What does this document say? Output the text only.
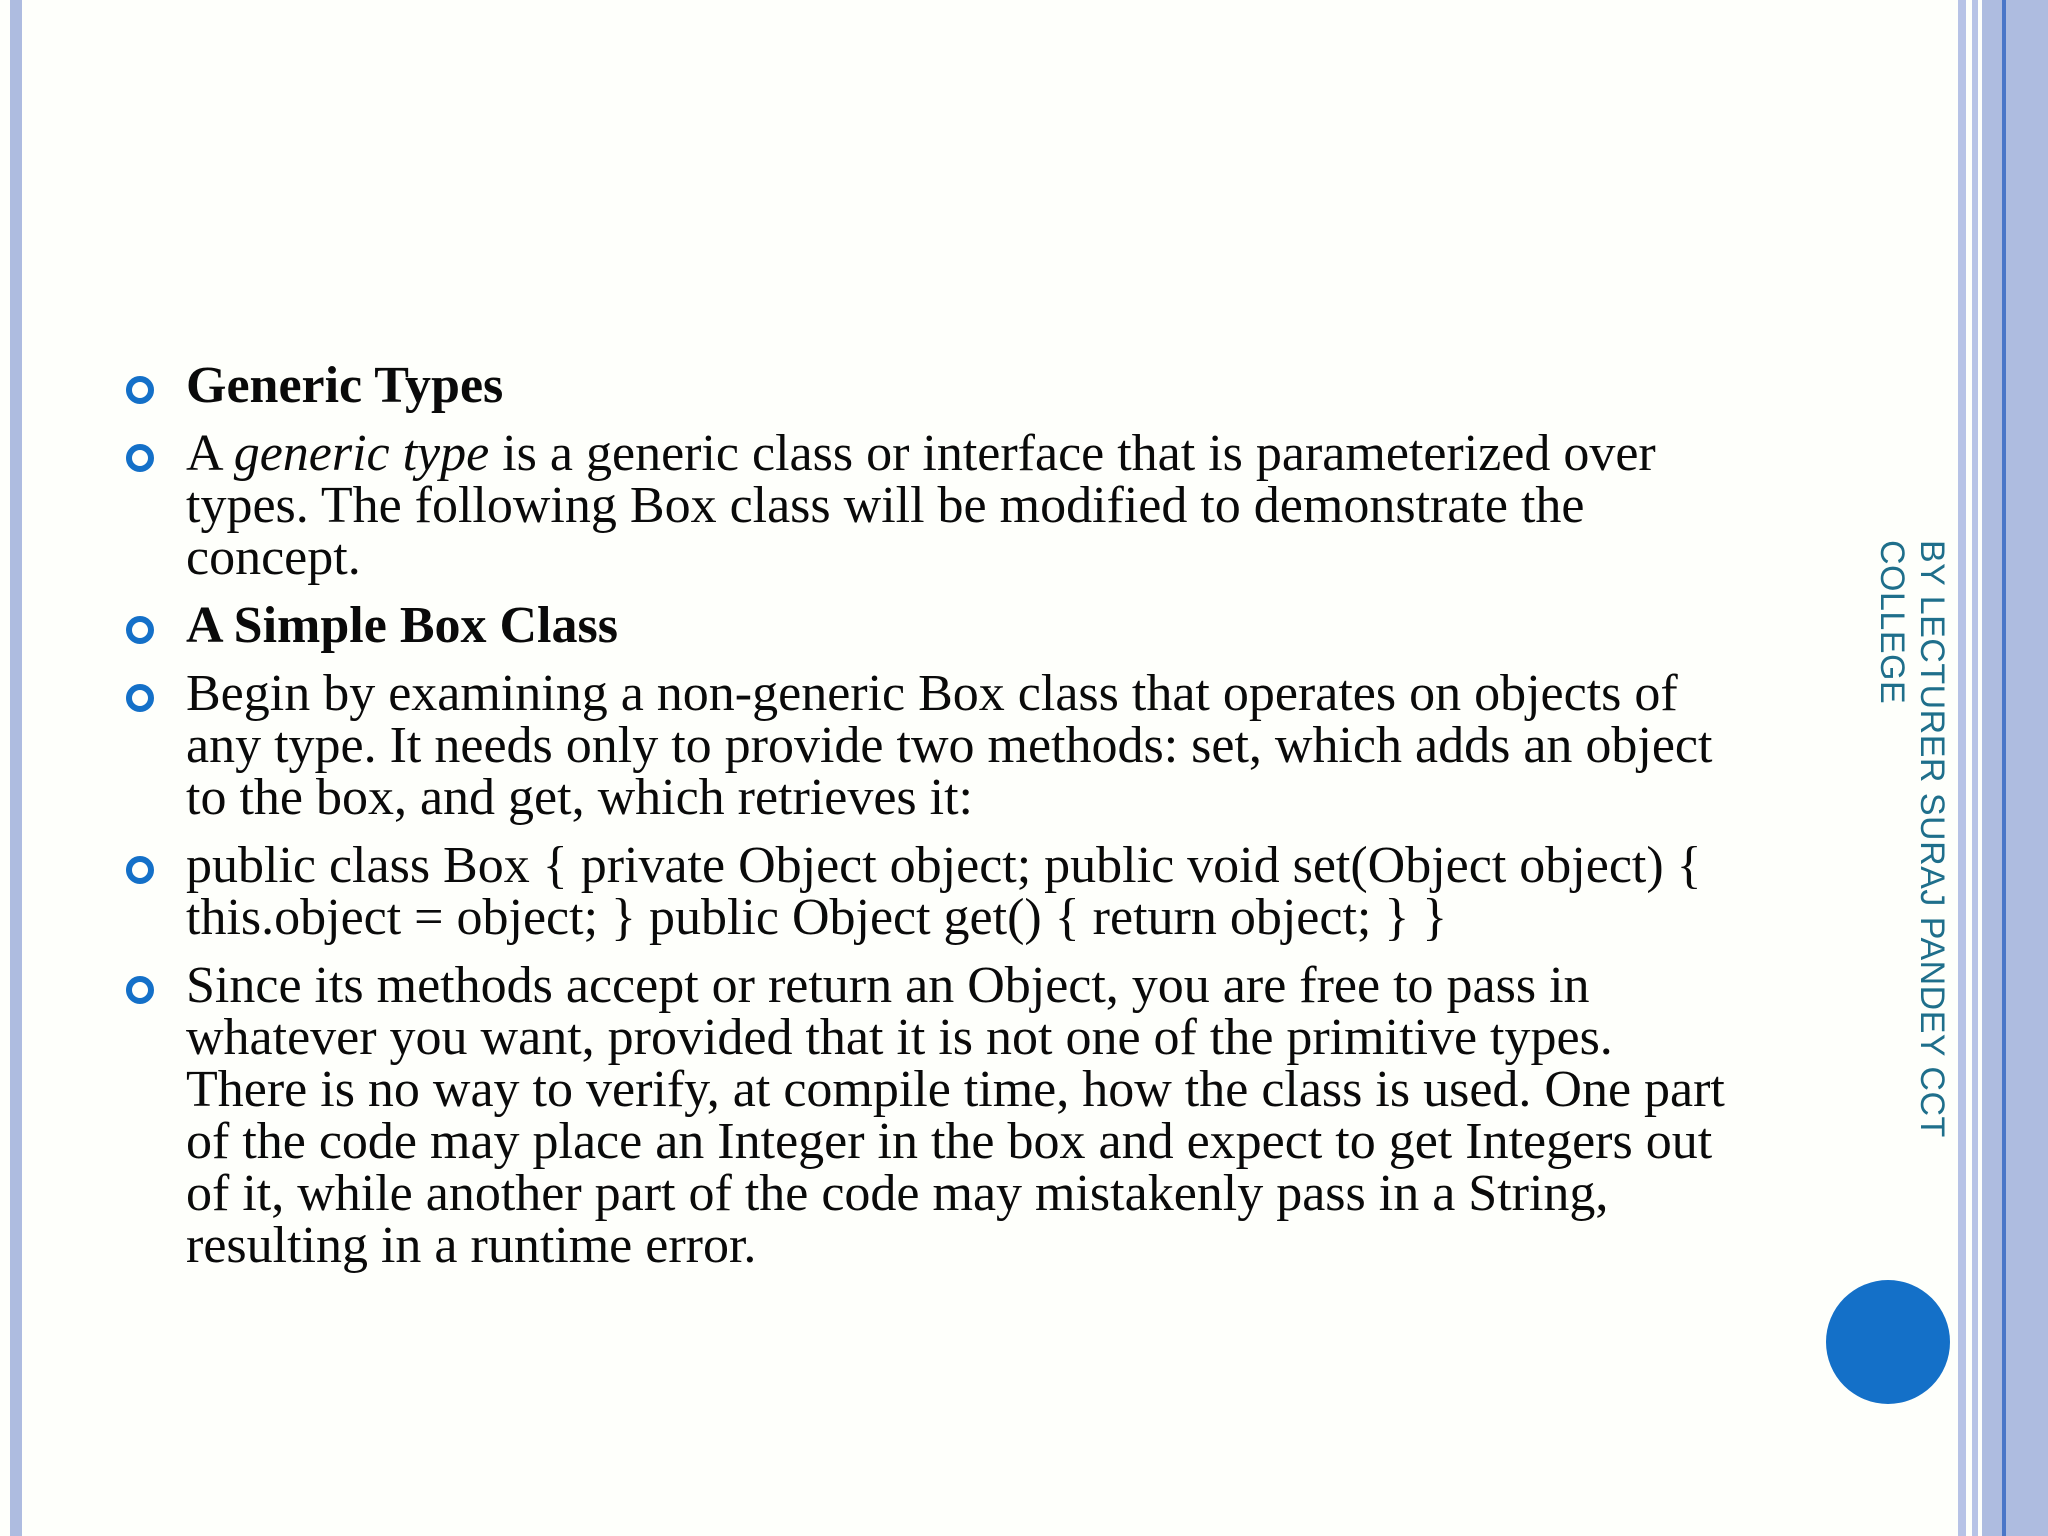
BY LECTURER SURAJ PANDEY CCT COLLEGE
Generic Types
A generic type is a generic class or interface that is parameterized over types. The following Box class will be modified to demonstrate the concept.
A Simple Box Class
Begin by examining a non-generic Box class that operates on objects of any type. It needs only to provide two methods: set, which adds an object to the box, and get, which retrieves it:
public class Box { private Object object; public void set(Object object) { this.object = object; } public Object get() { return object; } }
Since its methods accept or return an Object, you are free to pass in whatever you want, provided that it is not one of the primitive types. There is no way to verify, at compile time, how the class is used. One part of the code may place an Integer in the box and expect to get Integers out of it, while another part of the code may mistakenly pass in a String, resulting in a runtime error.
